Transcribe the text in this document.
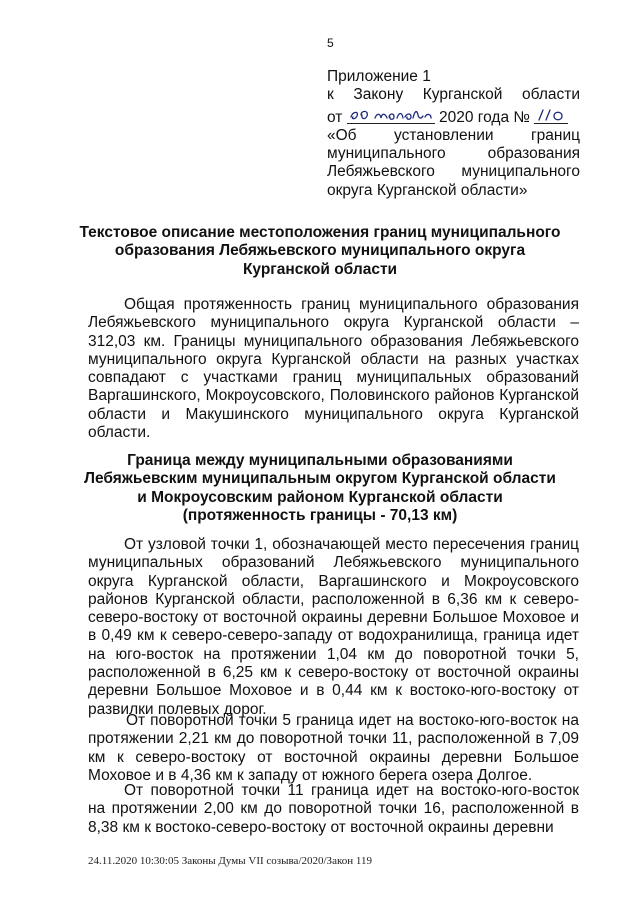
5
Приложение 1
к    Закону    Курганской    области
от	2020 года №
«Об    установлении    границ
муниципального    образования
Лебяжьевского    муниципального
округа Курганской области»
Текстовое описание местоположения границ муниципального образования Лебяжьевского муниципального округа Курганской области

Общая протяженность границ муниципального образования Лебяжьевского муниципального округа Курганской области – 312,03 км. Границы муниципального образования Лебяжьевского муниципального округа Курганской области на разных участках совпадают с участками границ муниципальных образований Варгашинского, Мокроусовского, Половинского районов Курганской области и Макушинского муниципального округа Курганской области.

Граница между муниципальными образованиями
Лебяжьевским муниципальным округом Курганской области
и Мокроусовским районом Курганской области
(протяженность границы - 70,13 км)

От узловой точки 1, обозначающей место пересечения границ муниципальных образований Лебяжьевского муниципального округа Курганской области, Варгашинского и Мокроусовского районов Курганской области, расположенной в 6,36 км к северо-северо-востоку от восточной окраины деревни Большое Моховое и в 0,49 км к северо-северо-западу от водохранилища, граница идет на юго-восток на протяжении 1,04 км до поворотной точки 5, расположенной в 6,25 км к северо-востоку от восточной окраины деревни Большое Моховое и в 0,44 км к востоко-юго-востоку от развилки полевых дорог.

От поворотной точки 5 граница идет на востоко-юго-восток на протяжении 2,21 км до поворотной точки 11, расположенной в 7,09 км к северо-востоку от восточной окраины деревни Большое Моховое и в 4,36 км к западу от южного берега озера Долгое.

От поворотной точки 11 граница идет на востоко-юго-восток на протяжении 2,00 км до поворотной точки 16, расположенной в 8,38 км к востоко-северо-востоку от восточной окраины деревни

24.11.2020 10:30:05 Законы Думы VII созыва/2020/Закон 119
